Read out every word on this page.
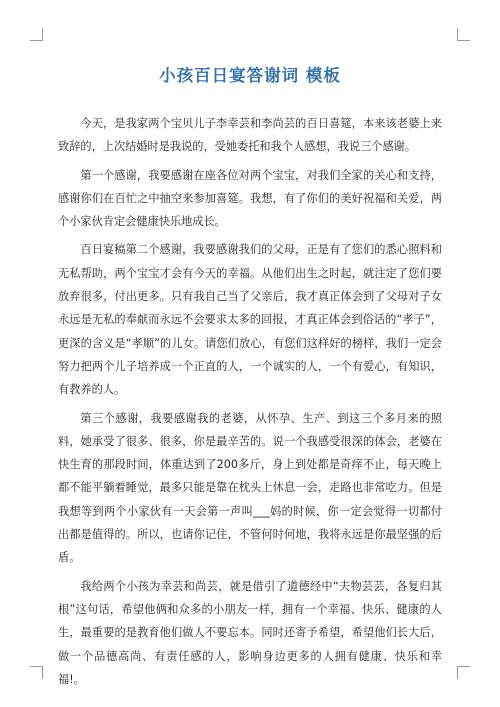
小孩百日宴答谢词 模板

今天，是我家两个宝贝儿子李幸芸和李尚芸的百日喜筵，本来该老婆上来致辞的，上次结婚时是我说的，受她委托和我个人感想，我说三个感谢。

第一个感谢，我要感谢在座各位对两个宝宝，对我们全家的关心和支持，感谢你们在百忙之中抽空来参加喜筵。我想，有了你们的美好祝福和关爱，两个小家伙肯定会健康快乐地成长。

百日宴稿第二个感谢，我要感谢我们的父母，正是有了您们的悉心照料和无私帮助，两个宝宝才会有今天的幸福。从他们出生之时起，就注定了您们要放弃很多，付出更多。只有我自己当了父亲后，我才真正体会到了父母对子女永远是无私的奉献而永远不会要求太多的回报，才真正体会到俗话的“孝子”，更深的含义是“孝顺”的儿女。请您们放心，有您们这样好的榜样，我们一定会努力把两个儿子培养成一个正直的人，一个诚实的人，一个有爱心，有知识，有教养的人。

第三个感谢，我要感谢我的老婆，从怀孕、生产、到这三个多月来的照料，她承受了很多、很多，你是最辛苦的。说一个我感受很深的体会，老婆在快生育的那段时间，体重达到了200多斤，身上到处都是奇痒不止，每天晚上都不能平躺着睡觉，最多只能是靠在枕头上休息一会，走路也非常吃力。但是我想等到两个小家伙有一天会第一声叫___妈的时候，你一定会觉得一切都付出都是值得的。所以，也请你记住，不管何时何地，我将永远是你最坚强的后盾。

我给两个小孩为幸芸和尚芸，就是借引了道德经中“夫物芸芸，各复归其根”这句话，希望他俩和众多的小朋友一样，拥有一个幸福、快乐、健康的人生，最重要的是教育他们做人不要忘本。同时还寄予希望，希望他们长大后，做一个品德高尚、有责任感的人，影响身边更多的人拥有健康、快乐和幸福!。
